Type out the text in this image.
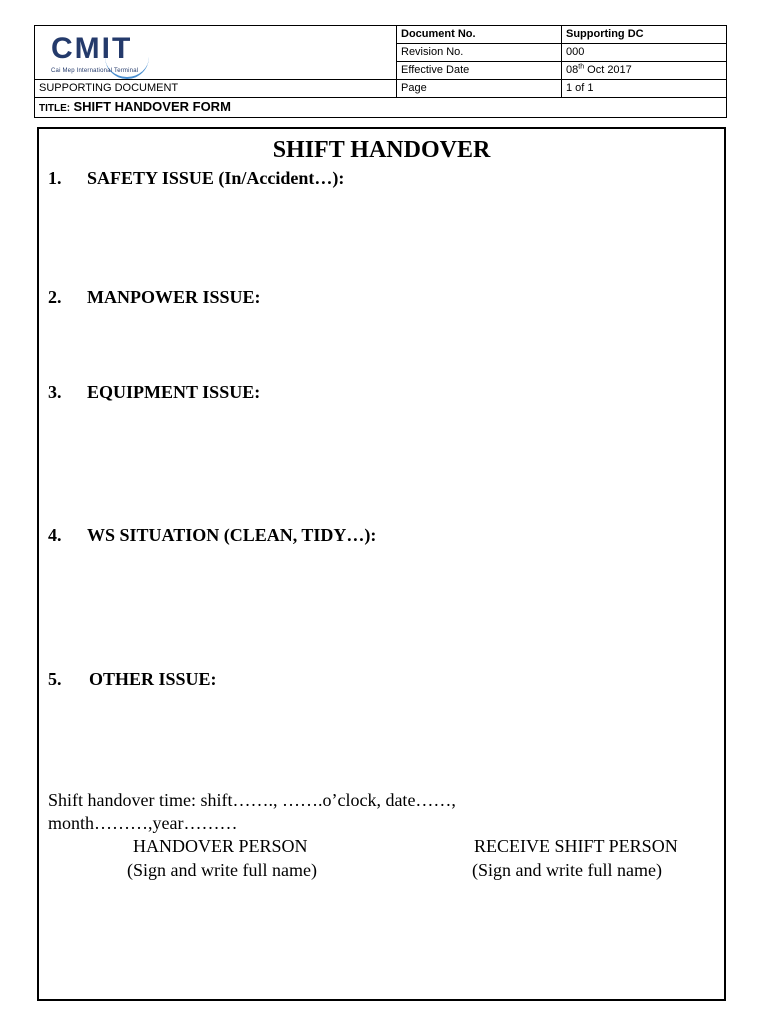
CMIT
Cai Mep International Terminal	Document No.	Supporting DC
	Revision No.	000
	Effective Date	08th Oct 2017
SUPPORTING DOCUMENT	Page	1 of 1
TITLE: SHIFT HANDOVER FORM		
SHIFT HANDOVER
1. SAFETY ISSUE (In/Accident…):
2. MANPOWER ISSUE:
3. EQUIPMENT ISSUE:
4. WS SITUATION (CLEAN, TIDY…):
5. OTHER ISSUE:
Shift handover time: shift……., …….o’clock, date……,
month………,year………
HANDOVER PERSON
(Sign and write full name)
RECEIVE SHIFT PERSON
(Sign and write full name)
